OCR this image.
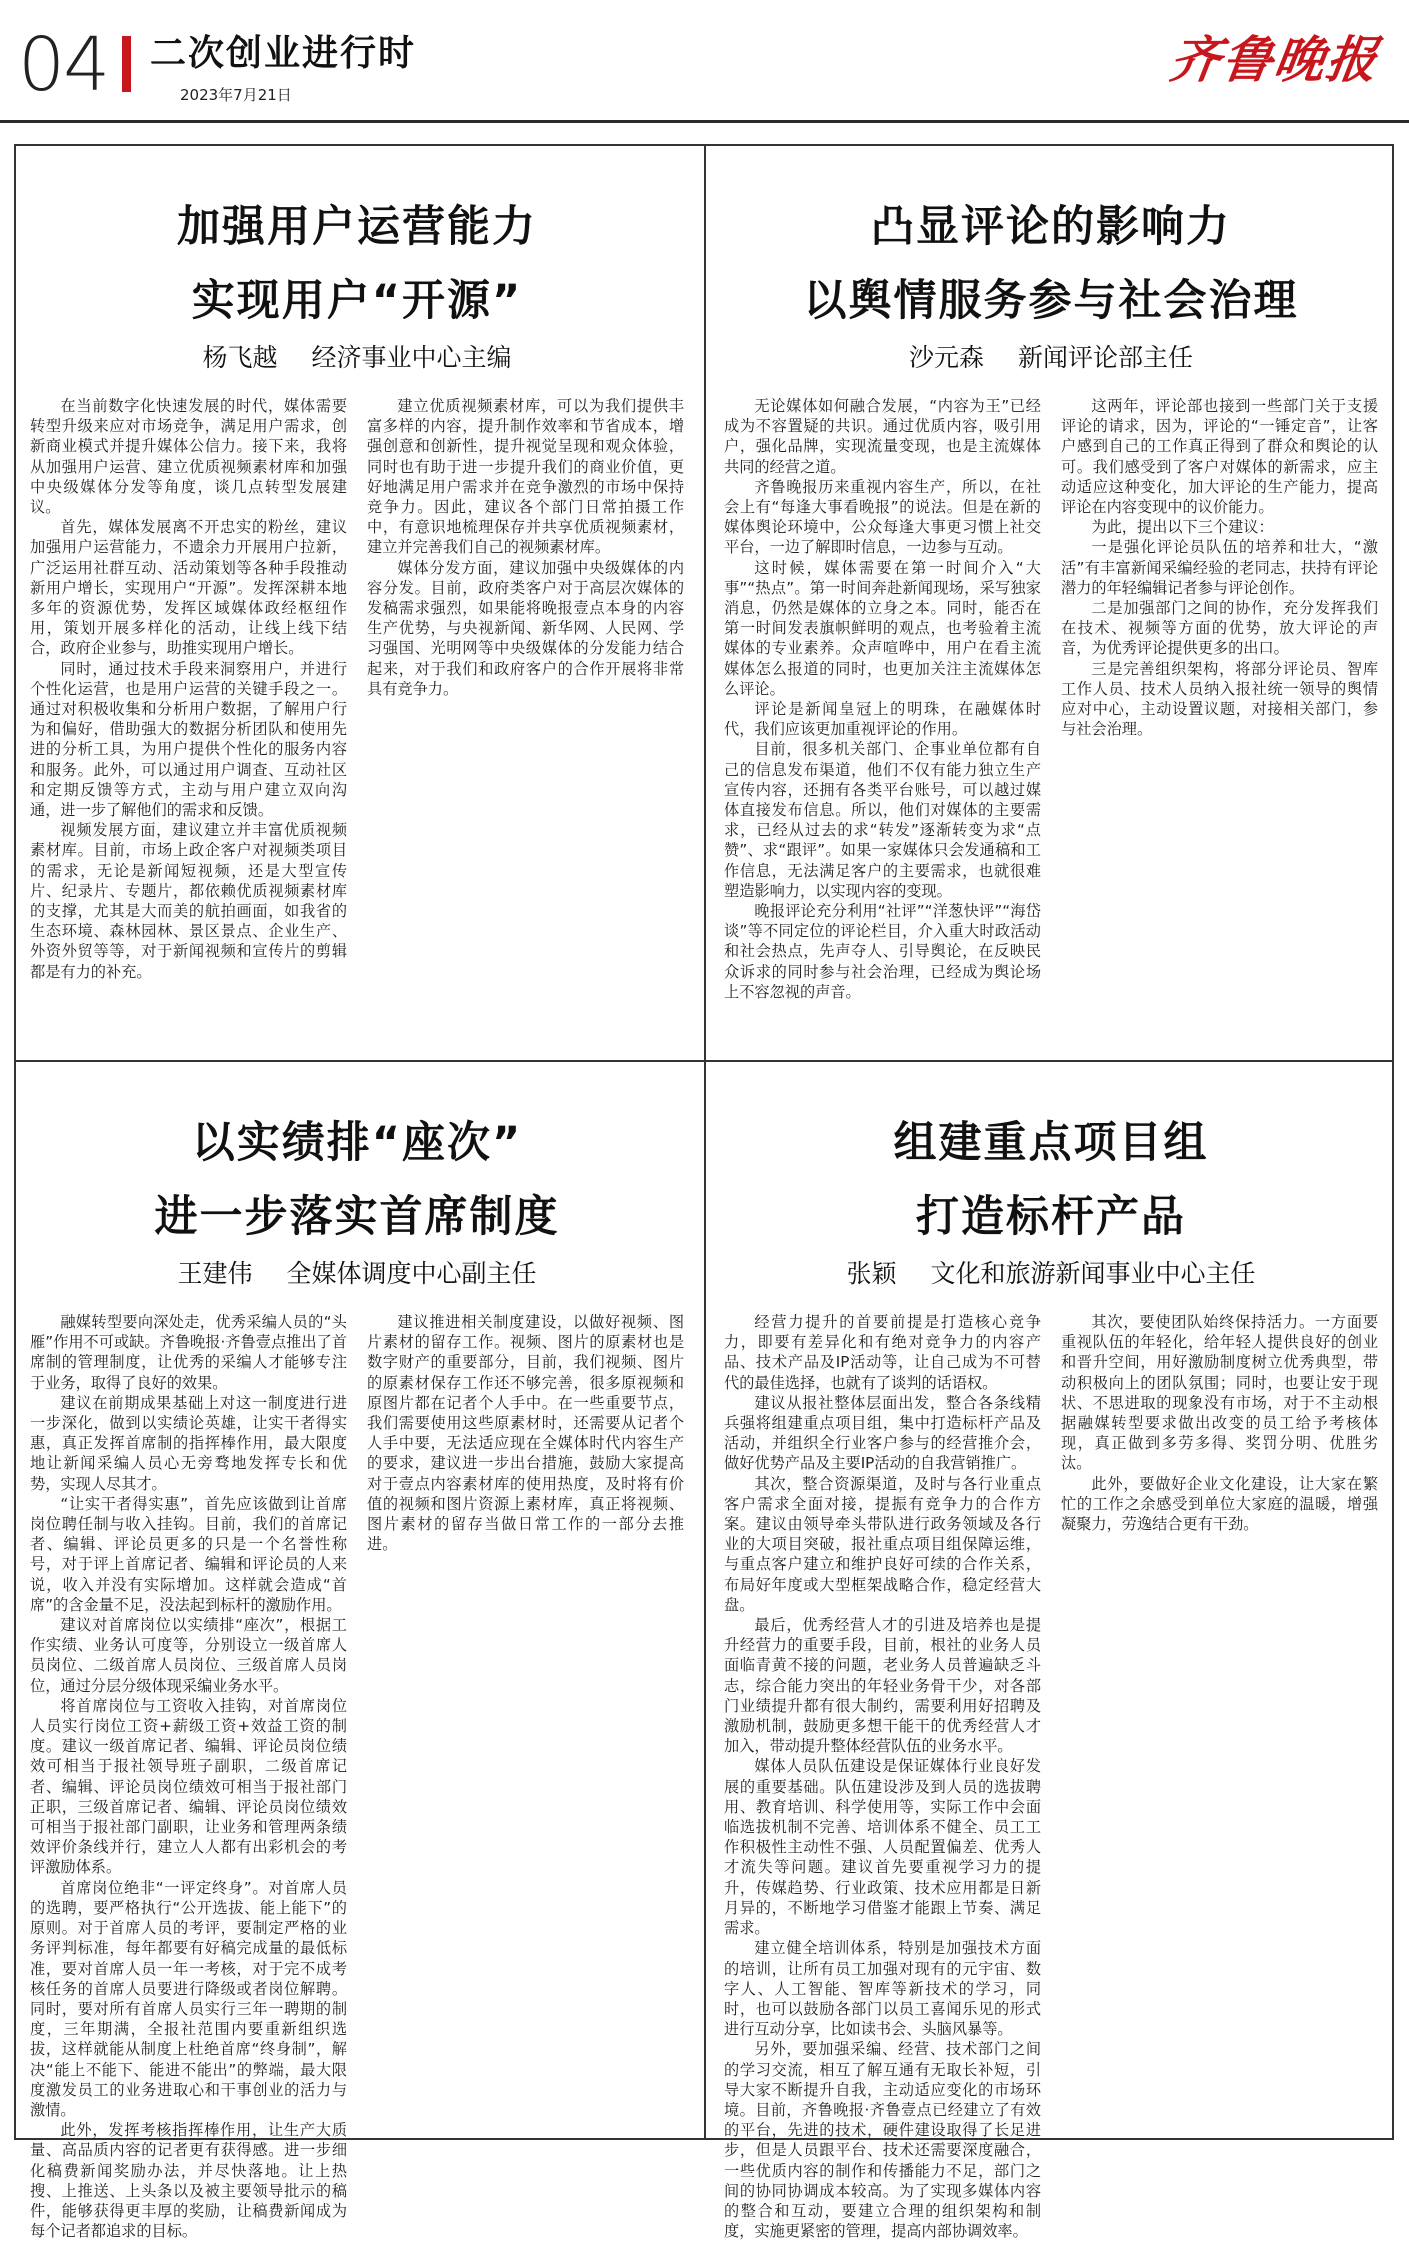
04 二次创业进行时
2023年7月21日
齐鲁晚报
加强用户运营能力
实现用户“开源”
杨飞越 经济事业中心主编

在当前数字化快速发展的时代，媒体需要转型升级来应对市场竞争，满足用户需求，创新商业模式并提升媒体公信力。接下来，我将从加强用户运营、建立优质视频素材库和加强中央级媒体分发等角度，谈几点转型发展建议。

首先，媒体发展离不开忠实的粉丝，建议加强用户运营能力，不遗余力开展用户拉新，广泛运用社群互动、活动策划等各种手段推动新用户增长，实现用户“开源”。发挥深耕本地多年的资源优势，发挥区域媒体政经枢纽作用，策划开展多样化的活动，让线上线下结合，政府企业参与，助推实现用户增长。

同时，通过技术手段来洞察用户，并进行个性化运营，也是用户运营的关键手段之一。通过对积极收集和分析用户数据，了解用户行为和偏好，借助强大的数据分析团队和使用先进的分析工具，为用户提供个性化的服务内容和服务。此外，可以通过用户调查、互动社区和定期反馈等方式，主动与用户建立双向沟通，进一步了解他们的需求和反馈。

视频发展方面，建议建立并丰富优质视频素材库。目前，市场上政企客户对视频类项目的需求，无论是新闻短视频，还是大型宣传片、纪录片、专题片，都依赖优质视频素材库的支撑，尤其是大而美的航拍画面，如我省的生态环境、森林园林、景区景点、企业生产、外资外贸等等，对于新闻视频和宣传片的剪辑都是有力的补充。

建立优质视频素材库，可以为我们提供丰富多样的内容，提升制作效率和节省成本，增强创意和创新性，提升视觉呈现和观众体验，同时也有助于进一步提升我们的商业价值，更好地满足用户需求并在竞争激烈的市场中保持竞争力。因此，建议各个部门日常拍摄工作中，有意识地梳理保存并共享优质视频素材，建立并完善我们自己的视频素材库。

媒体分发方面，建议加强中央级媒体的内容分发。目前，政府类客户对于高层次媒体的发稿需求强烈，如果能将晚报壹点本身的内容生产优势，与央视新闻、新华网、人民网、学习强国、光明网等中央级媒体的分发能力结合起来，对于我们和政府客户的合作开展将非常具有竞争力。

凸显评论的影响力
以舆情服务参与社会治理
沙元森 新闻评论部主任

无论媒体如何融合发展，“内容为王”已经成为不容置疑的共识。通过优质内容，吸引用户，强化品牌，实现流量变现，也是主流媒体共同的经营之道。

齐鲁晚报历来重视内容生产，所以，在社会上有“每逢大事看晚报”的说法。但是在新的媒体舆论环境中，公众每逢大事更习惯上社交平台，一边了解即时信息，一边参与互动。

这时候，媒体需要在第一时间介入“大事”“热点”。第一时间奔赴新闻现场，采写独家消息，仍然是媒体的立身之本。同时，能否在第一时间发表旗帜鲜明的观点，也考验着主流媒体的专业素养。众声喧哗中，用户在看主流媒体怎么报道的同时，也更加关注主流媒体怎么评论。

评论是新闻皇冠上的明珠，在融媒体时代，我们应该更加重视评论的作用。

目前，很多机关部门、企事业单位都有自己的信息发布渠道，他们不仅有能力独立生产宣传内容，还拥有各类平台账号，可以越过媒体直接发布信息。所以，他们对媒体的主要需求，已经从过去的求“转发”逐渐转变为求“点赞”、求“跟评”。如果一家媒体只会发通稿和工作信息，无法满足客户的主要需求，也就很难塑造影响力，以实现内容的变现。

晚报评论充分利用“社评”“洋葱快评”“海岱谈”等不同定位的评论栏目，介入重大时政活动和社会热点，先声夺人、引导舆论，在反映民众诉求的同时参与社会治理，已经成为舆论场上不容忽视的声音。

这两年，评论部也接到一些部门关于支援评论的请求，因为，评论的“一锤定音”，让客户感到自己的工作真正得到了群众和舆论的认可。我们感受到了客户对媒体的新需求，应主动适应这种变化，加大评论的生产能力，提高评论在内容变现中的议价能力。

为此，提出以下三个建议：

一是强化评论员队伍的培养和壮大，“激活”有丰富新闻采编经验的老同志，扶持有评论潜力的年轻编辑记者参与评论创作。

二是加强部门之间的协作，充分发挥我们在技术、视频等方面的优势，放大评论的声音，为优秀评论提供更多的出口。

三是完善组织架构，将部分评论员、智库工作人员、技术人员纳入报社统一领导的舆情应对中心，主动设置议题，对接相关部门，参与社会治理。

以实绩排“座次”
进一步落实首席制度
王建伟 全媒体调度中心副主任

融媒转型要向深处走，优秀采编人员的“头雁”作用不可或缺。齐鲁晚报·齐鲁壹点推出了首席制的管理制度，让优秀的采编人才能够专注于业务，取得了良好的效果。

建议在前期成果基础上对这一制度进行进一步深化，做到以实绩论英雄，让实干者得实惠，真正发挥首席制的指挥棒作用，最大限度地让新闻采编人员心无旁骛地发挥专长和优势，实现人尽其才。

“让实干者得实惠”，首先应该做到让首席岗位聘任制与收入挂钩。目前，我们的首席记者、编辑、评论员更多的只是一个名誉性称号，对于评上首席记者、编辑和评论员的人来说，收入并没有实际增加。这样就会造成“首席”的含金量不足，没法起到标杆的激励作用。

建议对首席岗位以实绩排“座次”，根据工作实绩、业务认可度等，分别设立一级首席人员岗位、二级首席人员岗位、三级首席人员岗位，通过分层分级体现采编业务水平。

将首席岗位与工资收入挂钩，对首席岗位人员实行岗位工资+薪级工资+效益工资的制度。建议一级首席记者、编辑、评论员岗位绩效可相当于报社领导班子副职，二级首席记者、编辑、评论员岗位绩效可相当于报社部门正职，三级首席记者、编辑、评论员岗位绩效可相当于报社部门副职，让业务和管理两条绩效评价条线并行，建立人人都有出彩机会的考评激励体系。

首席岗位绝非“一评定终身”。对首席人员的选聘，要严格执行“公开选拔、能上能下”的原则。对于首席人员的考评，要制定严格的业务评判标准，每年都要有好稿完成量的最低标准，要对首席人员一年一考核，对于完不成考核任务的首席人员要进行降级或者岗位解聘。同时，要对所有首席人员实行三年一聘期的制度，三年期满，全报社范围内要重新组织选拔，这样就能从制度上杜绝首席“终身制”，解决“能上不能下、能进不能出”的弊端，最大限度激发员工的业务进取心和干事创业的活力与激情。

此外，发挥考核指挥棒作用，让生产大质量、高品质内容的记者更有获得感。进一步细化稿费新闻奖励办法，并尽快落地。让上热搜、上推送、上头条以及被主要领导批示的稿件，能够获得更丰厚的奖励，让稿费新闻成为每个记者都追求的目标。

建议推进相关制度建设，以做好视频、图片素材的留存工作。视频、图片的原素材也是数字财产的重要部分，目前，我们视频、图片的原素材保存工作还不够完善，很多原视频和原图片都在记者个人手中。在一些重要节点，我们需要使用这些原素材时，还需要从记者个人手中要，无法适应现在全媒体时代内容生产的要求，建议进一步出台措施，鼓励大家提高对于壹点内容素材库的使用热度，及时将有价值的视频和图片资源上素材库，真正将视频、图片素材的留存当做日常工作的一部分去推进。

组建重点项目组
打造标杆产品
张颖 文化和旅游新闻事业中心主任

经营力提升的首要前提是打造核心竞争力，即要有差异化和有绝对竞争力的内容产品、技术产品及IP活动等，让自己成为不可替代的最佳选择，也就有了谈判的话语权。

建议从报社整体层面出发，整合各条线精兵强将组建重点项目组，集中打造标杆产品及活动，并组织全行业客户参与的经营推介会，做好优势产品及主要IP活动的自我营销推广。

其次，整合资源渠道，及时与各行业重点客户需求全面对接，提振有竞争力的合作方案。建议由领导牵头带队进行政务领域及各行业的大项目突破，报社重点项目组保障运维，与重点客户建立和维护良好可续的合作关系，布局好年度或大型框架战略合作，稳定经营大盘。

最后，优秀经营人才的引进及培养也是提升经营力的重要手段，目前，根社的业务人员面临青黄不接的问题，老业务人员普遍缺乏斗志，综合能力突出的年轻业务骨干少，对各部门业绩提升都有很大制约，需要利用好招聘及激励机制，鼓励更多想干能干的优秀经营人才加入，带动提升整体经营队伍的业务水平。

媒体人员队伍建设是保证媒体行业良好发展的重要基础。队伍建设涉及到人员的选拔聘用、教育培训、科学使用等，实际工作中会面临选拔机制不完善、培训体系不健全、员工工作积极性主动性不强、人员配置偏差、优秀人才流失等问题。建议首先要重视学习力的提升，传媒趋势、行业政策、技术应用都是日新月异的，不断地学习借鉴才能跟上节奏、满足需求。

建立健全培训体系，特别是加强技术方面的培训，让所有员工加强对现有的元宇宙、数字人、人工智能、智库等新技术的学习，同时，也可以鼓励各部门以员工喜闻乐见的形式进行互动分享，比如读书会、头脑风暴等。

另外，要加强采编、经营、技术部门之间的学习交流，相互了解互通有无取长补短，引导大家不断提升自我，主动适应变化的市场环境。目前，齐鲁晚报·齐鲁壹点已经建立了有效的平台，先进的技术，硬件建设取得了长足进步，但是人员跟平台、技术还需要深度融合，一些优质内容的制作和传播能力不足，部门之间的协同协调成本较高。为了实现多媒体内容的整合和互动，要建立合理的组织架构和制度，实施更紧密的管理，提高内部协调效率。

其次，要使团队始终保持活力。一方面要重视队伍的年轻化，给年轻人提供良好的创业和晋升空间，用好激励制度树立优秀典型，带动积极向上的团队氛围；同时，也要让安于现状、不思进取的现象没有市场，对于不主动根据融媒转型要求做出改变的员工给予考核体现，真正做到多劳多得、奖罚分明、优胜劣汰。

此外，要做好企业文化建设，让大家在繁忙的工作之余感受到单位大家庭的温暖，增强凝聚力，劳逸结合更有干劲。
